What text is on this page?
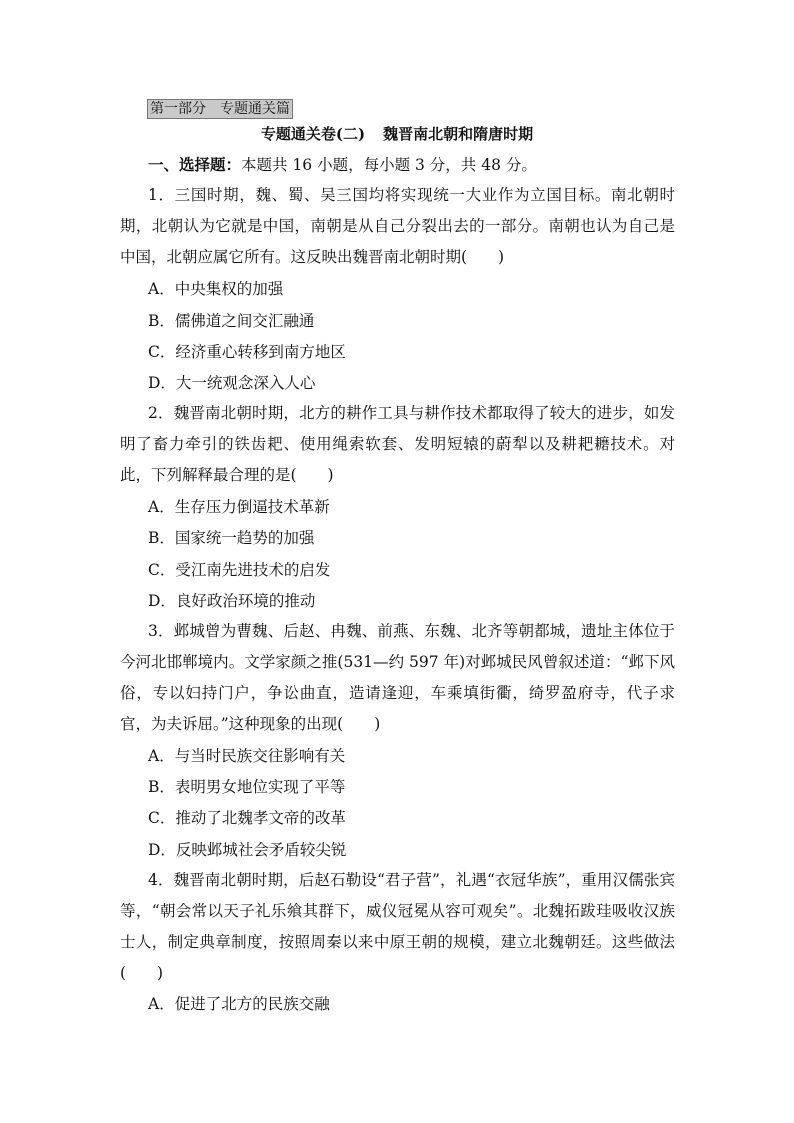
第一部分　专题通关篇
专题通关卷(二) 魏晋南北朝和隋唐时期
一、选择题：本题共 16 小题，每小题 3 分，共 48 分。

1．三国时期，魏、蜀、吴三国均将实现统一大业作为立国目标。南北朝时期，北朝认为它就是中国，南朝是从自己分裂出去的一部分。南朝也认为自己是中国，北朝应属它所有。这反映出魏晋南北朝时期(　　)

A．中央集权的加强
B．儒佛道之间交汇融通
C．经济重心转移到南方地区
D．大一统观念深入人心

2．魏晋南北朝时期，北方的耕作工具与耕作技术都取得了较大的进步，如发明了畜力牵引的铁齿耙、使用绳索软套、发明短辕的蔚犁以及耕耙耱技术。对此，下列解释最合理的是(　　)

A．生存压力倒逼技术革新
B．国家统一趋势的加强
C．受江南先进技术的启发
D．良好政治环境的推动

3．邺城曾为曹魏、后赵、冉魏、前燕、东魏、北齐等朝都城，遗址主体位于今河北邯郸境内。文学家颜之推(531—约 597 年)对邺城民风曾叙述道：“邺下风俗，专以妇持门户，争讼曲直，造请逢迎，车乘填街衢，绮罗盈府寺，代子求官，为夫诉屈。”这种现象的出现(　　)

A．与当时民族交往影响有关
B．表明男女地位实现了平等
C．推动了北魏孝文帝的改革
D．反映邺城社会矛盾较尖锐

4．魏晋南北朝时期，后赵石勒设“君子营”，礼遇“衣冠华族”，重用汉儒张宾等，“朝会常以天子礼乐飨其群下，威仪冠冕从容可观矣”。北魏拓跋珪吸收汉族士人，制定典章制度，按照周秦以来中原王朝的规模，建立北魏朝廷。这些做法(　　)

A．促进了北方的民族交融
